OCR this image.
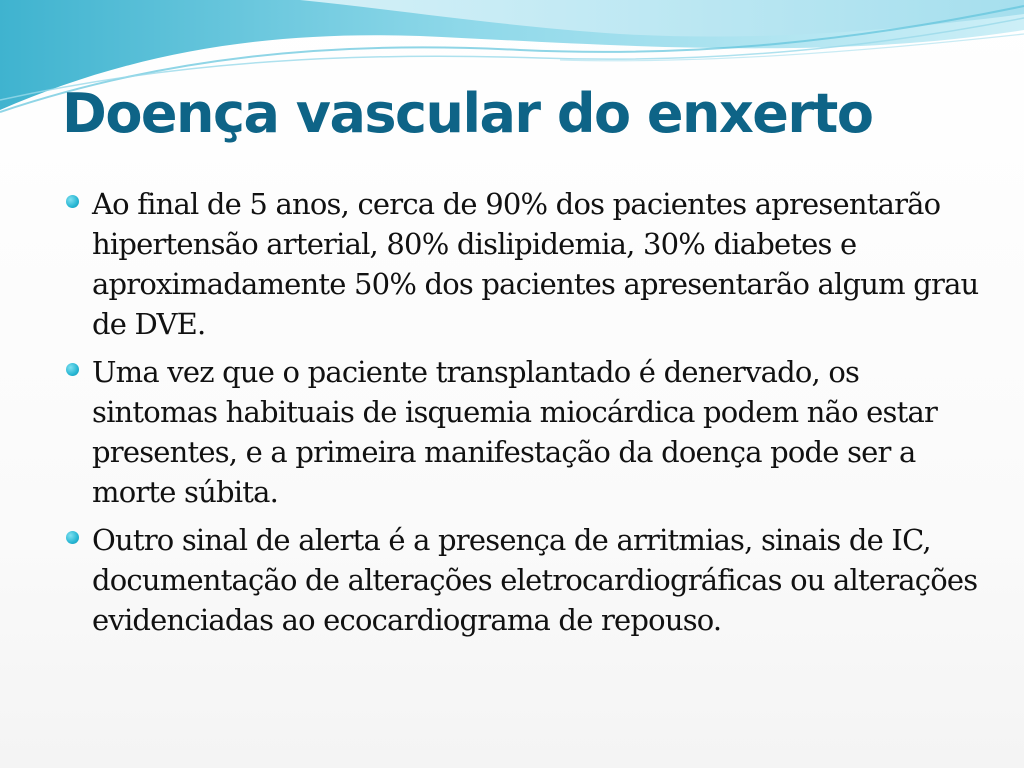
Doença vascular do enxerto
Ao final de 5 anos, cerca de 90% dos pacientes apresentarão hipertensão arterial, 80% dislipidemia, 30% diabetes e aproximadamente 50% dos pacientes apresentarão algum grau de DVE.
Uma vez que o paciente transplantado é denervado, os sintomas habituais de isquemia miocárdica podem não estar presentes, e a primeira manifestação da doença pode ser a morte súbita.
Outro sinal de alerta é a presença de arritmias, sinais de IC, documentação de alterações eletrocardiográficas ou alterações evidenciadas ao ecocardiograma de repouso.
